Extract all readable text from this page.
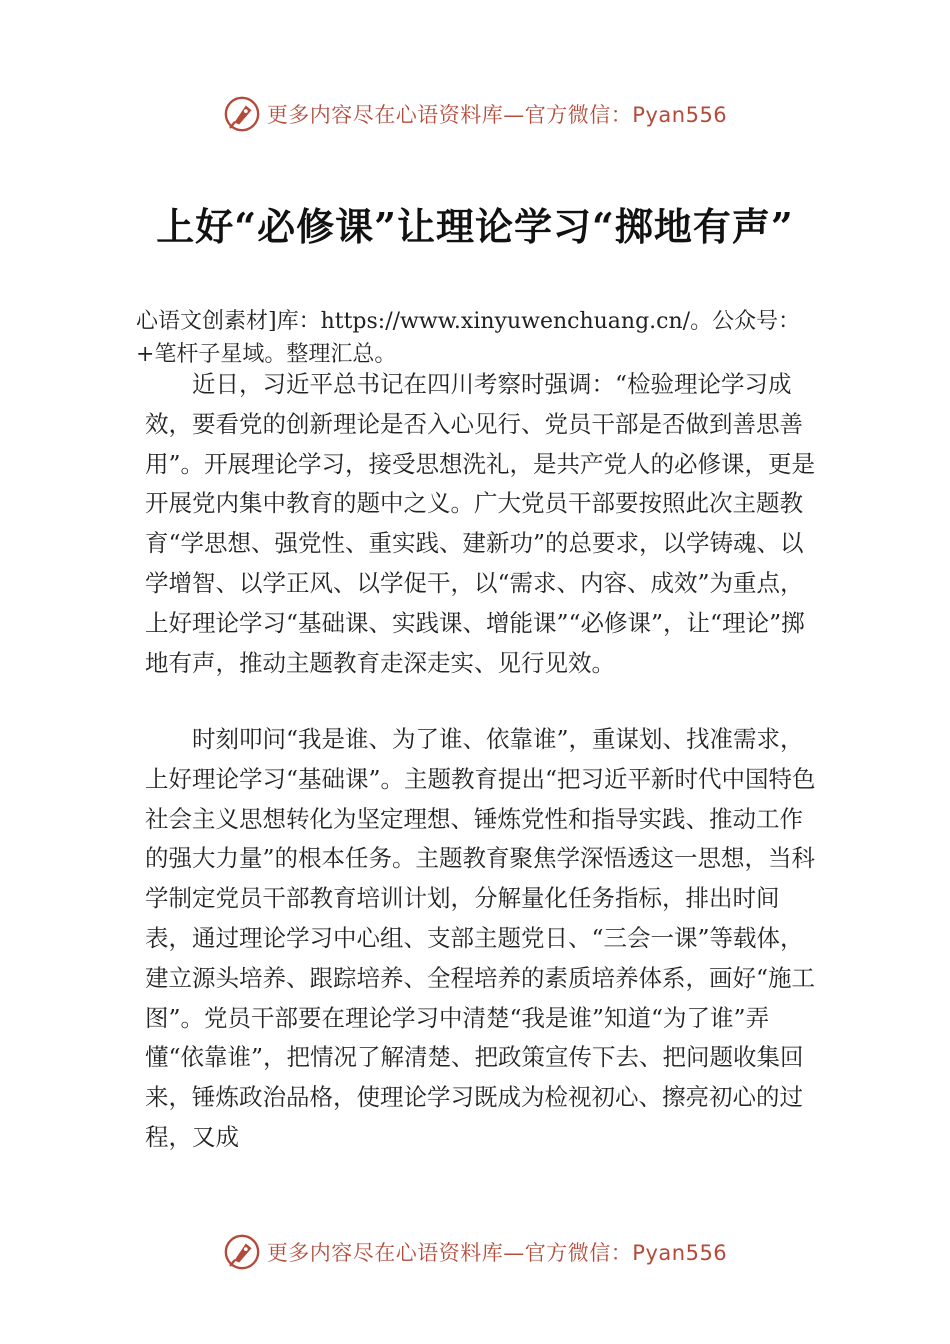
更多内容尽在心语资料库—官方微信：Pyan556
上好“必修课”让理论学习“掷地有声”

心语文创素材]库：https://www.xinyuwenchuang.cn/。公众号：+笔杆子星域。整理汇总。

近日，习近平总书记在四川考察时强调：“检验理论学习成效，要看党的创新理论是否入心见行、党员干部是否做到善思善用”。开展理论学习，接受思想洗礼，是共产党人的必修课，更是开展党内集中教育的题中之义。广大党员干部要按照此次主题教育“学思想、强党性、重实践、建新功”的总要求，以学铸魂、以学增智、以学正风、以学促干，以“需求、内容、成效”为重点，上好理论学习“基础课、实践课、增能课”“必修课”，让“理论”掷地有声，推动主题教育走深走实、见行见效。

时刻叩问“我是谁、为了谁、依靠谁”，重谋划、找准需求，上好理论学习“基础课”。主题教育提出“把习近平新时代中国特色社会主义思想转化为坚定理想、锤炼党性和指导实践、推动工作的强大力量”的根本任务。主题教育聚焦学深悟透这一思想，当科学制定党员干部教育培训计划，分解量化任务指标，排出时间表，通过理论学习中心组、支部主题党日、“三会一课”等载体，建立源头培养、跟踪培养、全程培养的素质培养体系，画好“施工图”。党员干部要在理论学习中清楚“我是谁”知道“为了谁”弄懂“依靠谁”，把情况了解清楚、把政策宣传下去、把问题收集回来，锤炼政治品格，使理论学习既成为检视初心、擦亮初心的过程，又成

更多内容尽在心语资料库—官方微信：Pyan556
